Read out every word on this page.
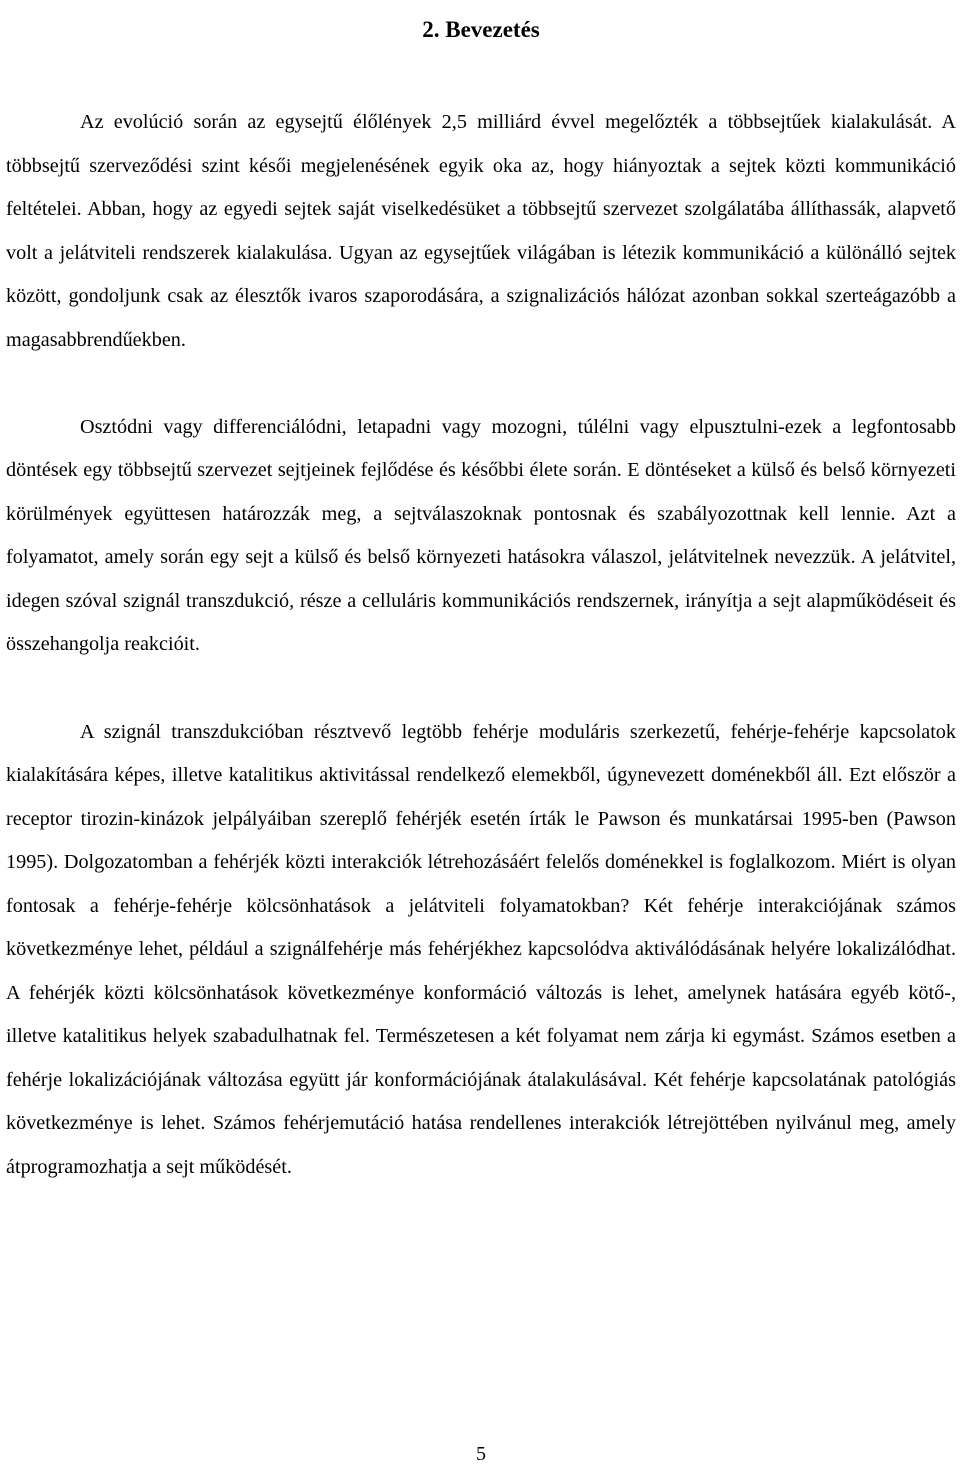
2. Bevezetés

Az evolúció során az egysejtű élőlények 2,5 milliárd évvel megelőzték a többsejtűek kialakulását. A többsejtű szerveződési szint késői megjelenésének egyik oka az, hogy hiányoztak a sejtek közti kommunikáció feltételei. Abban, hogy az egyedi sejtek saját viselkedésüket a többsejtű szervezet szolgálatába állíthassák, alapvető volt a jelátviteli rendszerek kialakulása. Ugyan az egysejtűek világában is létezik kommunikáció a különálló sejtek között, gondoljunk csak az élesztők ivaros szaporodására, a szignalizációs hálózat azonban sokkal szerteágazóbb a magasabbrendűekben.

Osztódni vagy differenciálódni, letapadni vagy mozogni, túlélni vagy elpusztulni-ezek a legfontosabb döntések egy többsejtű szervezet sejtjeinek fejlődése és későbbi élete során. E döntéseket a külső és belső környezeti körülmények együttesen határozzák meg, a sejtválaszoknak pontosnak és szabályozottnak kell lennie. Azt a folyamatot, amely során egy sejt a külső és belső környezeti hatásokra válaszol, jelátvitelnek nevezzük. A jelátvitel, idegen szóval szignál transzdukció, része a celluláris kommunikációs rendszernek, irányítja a sejt alapműködéseit és összehangolja reakcióit.

A szignál transzdukcióban résztvevő legtöbb fehérje moduláris szerkezetű, fehérje-fehérje kapcsolatok kialakítására képes, illetve katalitikus aktivitással rendelkező elemekből, úgynevezett doménekből áll. Ezt először a receptor tirozin-kinázok jelpályáiban szereplő fehérjék esetén írták le Pawson és munkatársai 1995-ben (Pawson 1995). Dolgozatomban a fehérjék közti interakciók létrehozásáért felelős doménekkel is foglalkozom. Miért is olyan fontosak a fehérje-fehérje kölcsönhatások a jelátviteli folyamatokban? Két fehérje interakciójának számos következménye lehet, például a szignálfehérje más fehérjékhez kapcsolódva aktiválódásának helyére lokalizálódhat. A fehérjék közti kölcsönhatások következménye konformáció változás is lehet, amelynek hatására egyéb kötő-, illetve katalitikus helyek szabadulhatnak fel. Természetesen a két folyamat nem zárja ki egymást. Számos esetben a fehérje lokalizációjának változása együtt jár konformációjának átalakulásával. Két fehérje kapcsolatának patológiás következménye is lehet. Számos fehérjemutáció hatása rendellenes interakciók létrejöttében nyilvánul meg, amely átprogramozhatja a sejt működését.

5
